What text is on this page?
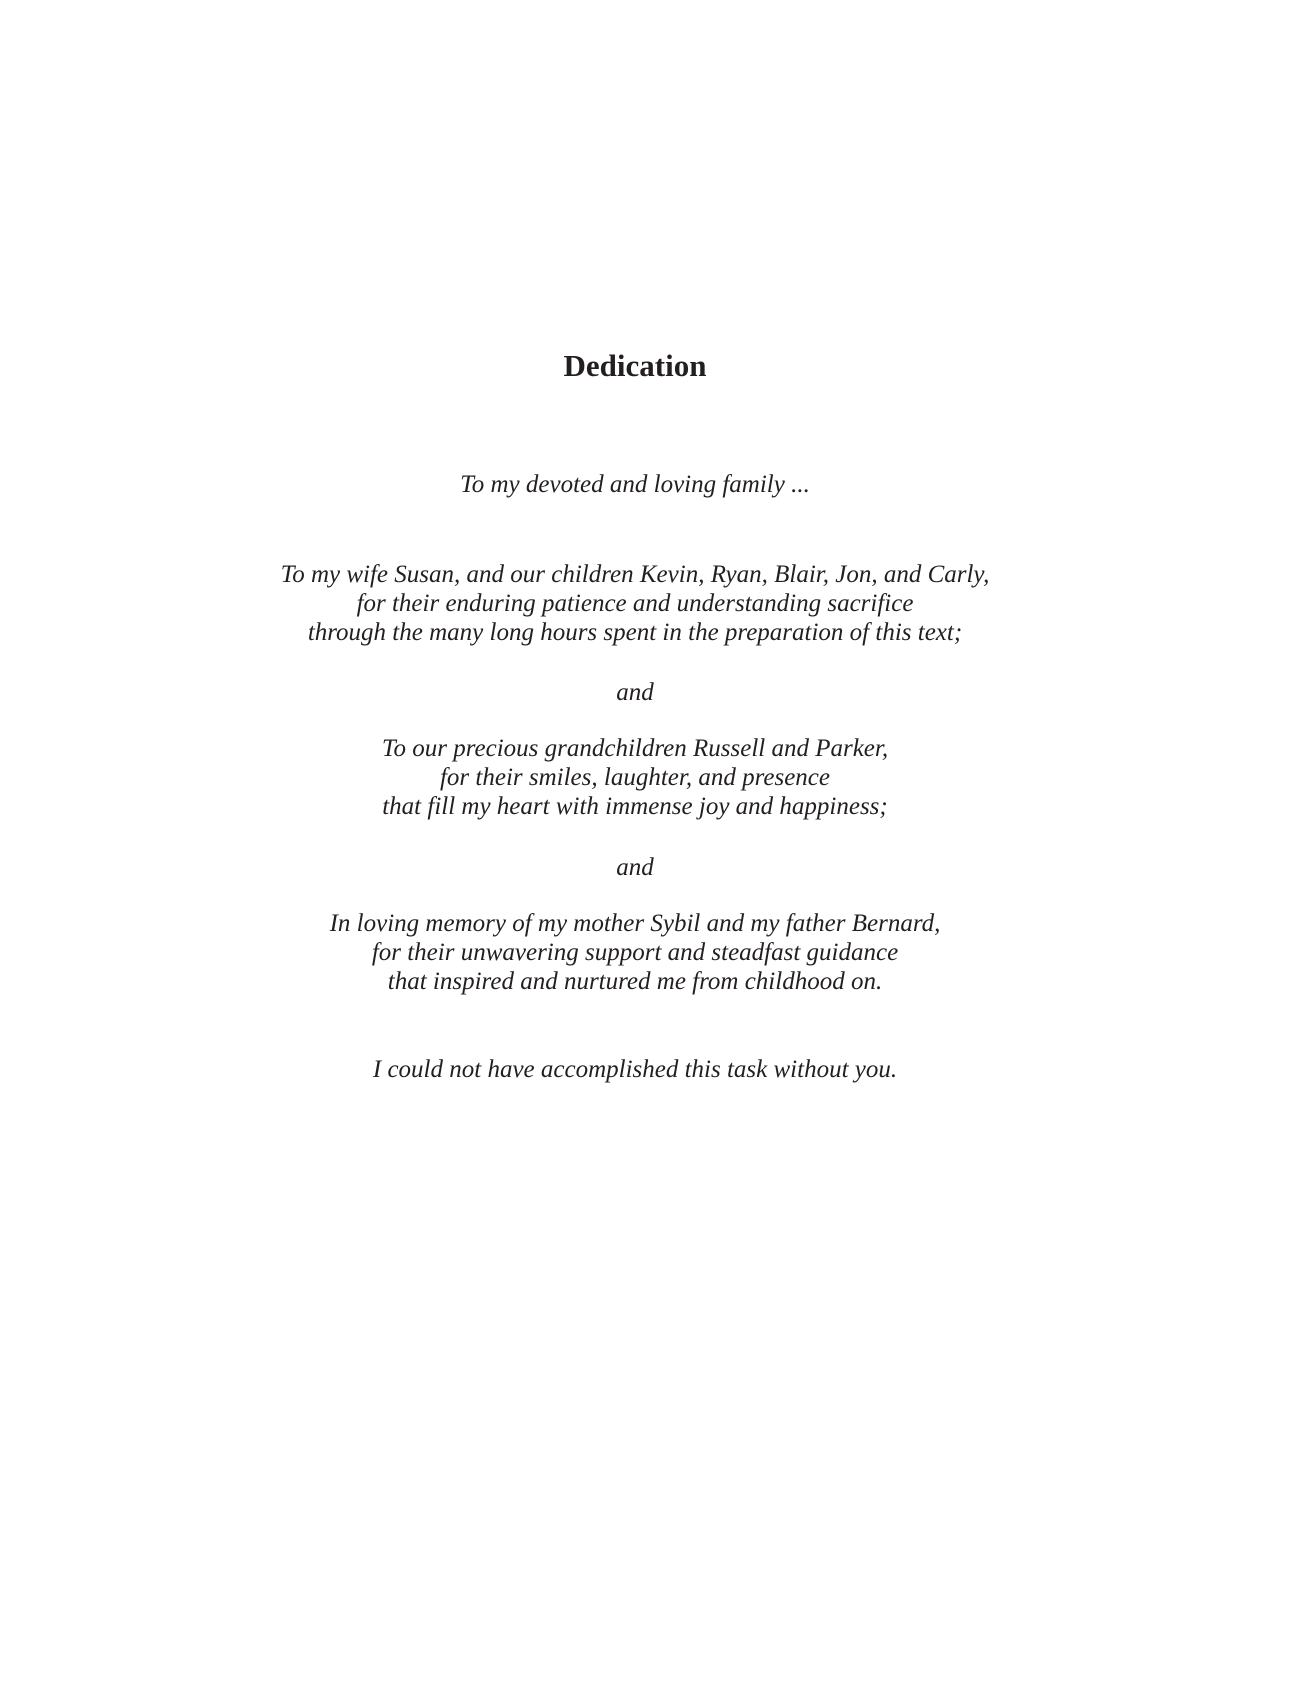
Dedication

To my devoted and loving family ...

To my wife Susan, and our children Kevin, Ryan, Blair, Jon, and Carly,
for their enduring patience and understanding sacrifice
through the many long hours spent in the preparation of this text;

and

To our precious grandchildren Russell and Parker,
for their smiles, laughter, and presence
that fill my heart with immense joy and happiness;

and

In loving memory of my mother Sybil and my father Bernard,
for their unwavering support and steadfast guidance
that inspired and nurtured me from childhood on.

I could not have accomplished this task without you.
